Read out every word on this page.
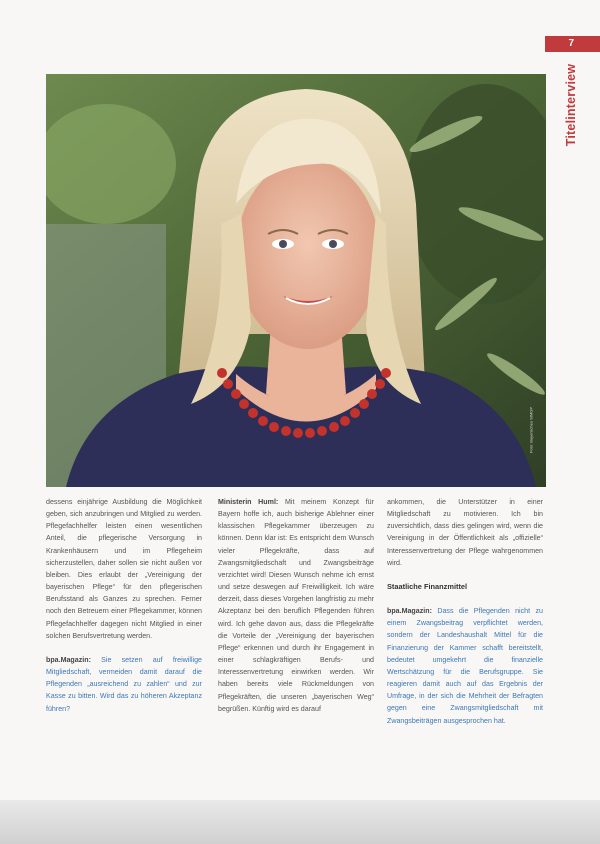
7
Titelinterview
Foto: Bayerisches StMGP

dessens einjährige Ausbildung die Möglichkeit geben, sich anzubringen und Mitglied zu werden. Pflegefachhelfer leisten einen wesentlichen Anteil, die pflegerische Versorgung in Krankenhäusern und im Pflegeheim sicherzustellen, daher sollen sie nicht außen vor bleiben. Dies erlaubt der „Vereinigung der bayerischen Pflege“ für den pflegerischen Berufsstand als Ganzes zu sprechen. Ferner noch den Betreuern einer Pflegekammer, können Pflegefachhelfer dagegen nicht Mitglied in einer solchen Berufsvertretung werden.

bpa.Magazin: Sie setzen auf freiwillige Mitgliedschaft, vermeiden damit darauf die Pflegenden „ausreichend zu zahlen“ und zur Kasse zu bitten. Wird das zu höheren Akzeptanz führen?

Ministerin Huml: Mit meinem Konzept für Bayern hoffe ich, auch bisherige Ablehner einer klassischen Pflegekammer überzeugen zu können. Denn klar ist: Es entspricht dem Wunsch vieler Pflegekräfte, dass auf Zwangsmitgliedschaft und Zwangsbeiträge verzichtet wird! Diesen Wunsch nehme ich ernst und setze deswegen auf Freiwilligkeit. Ich wäre derzeit, dass dieses Vorgehen langfristig zu mehr Akzeptanz bei den beruflich Pflegenden führen wird. Ich gehe davon aus, dass die Pflegekräfte die Vorteile der „Vereinigung der bayerischen Pflege“ erkennen und durch ihr Engagement in einer schlagkräftigen Berufs- und Interessenvertretung einwirken werden. Wir haben bereits viele Rückmeldungen von Pflegekräften, die unseren „bayerischen Weg“ begrüßen. Künftig wird es darauf

ankommen, die Unterstützer in einer Mitgliedschaft zu motivieren. Ich bin zuversichtlich, dass dies gelingen wird, wenn die Vereinigung in der Öffentlichkeit als „offizielle“ Interessenvertretung der Pflege wahrgenommen wird.

Staatliche Finanzmittel

bpa.Magazin: Dass die Pflegenden nicht zu einem Zwangsbeitrag verpflichtet werden, sondern der Landeshaushalt Mittel für die Finanzierung der Kammer schafft bereitstellt, bedeutet umgekehrt die finanzielle Wertschätzung für die Berufsgruppe. Sie reagieren damit auch auf das Ergebnis der Umfrage, in der sich die Mehrheit der Befragten gegen eine Zwangsmitgliedschaft mit Zwangsbeiträgen ausgesprochen hat.
